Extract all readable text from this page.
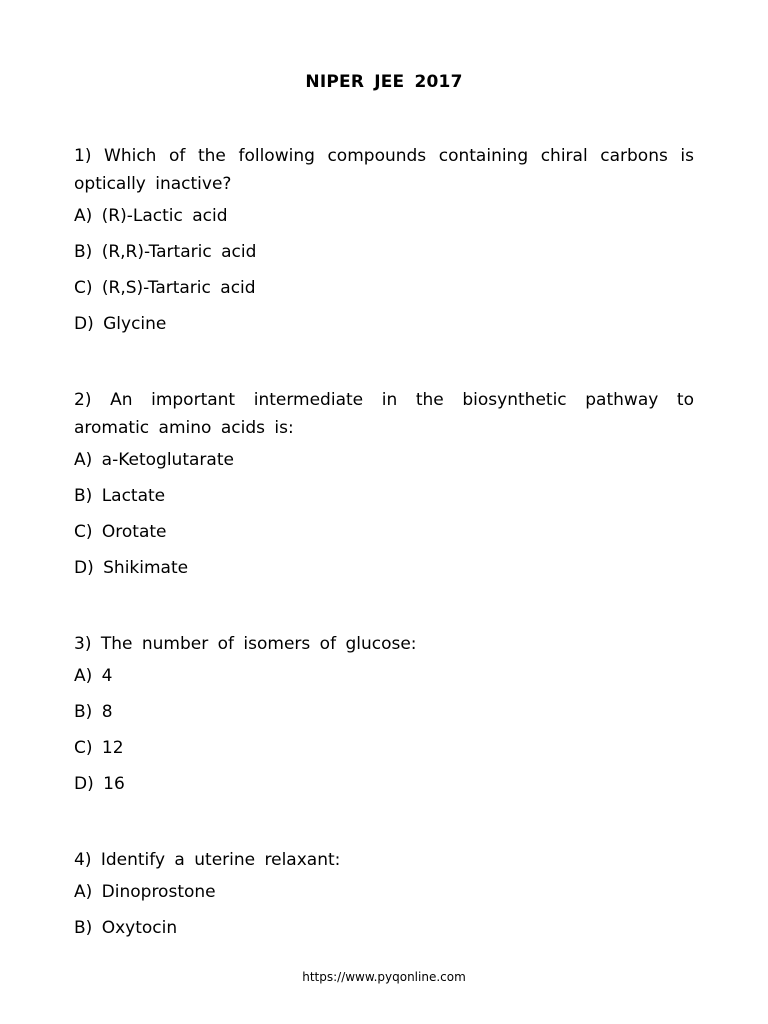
NIPER JEE 2017

1) Which of the following compounds containing chiral carbons is optically inactive?

A) (R)-Lactic acid
B) (R,R)-Tartaric acid
C) (R,S)-Tartaric acid
D) Glycine

2) An important intermediate in the biosynthetic pathway to aromatic amino acids is:

A) a-Ketoglutarate
B) Lactate
C) Orotate
D) Shikimate

3) The number of isomers of glucose:

A) 4
B) 8
C) 12
D) 16

4) Identify a uterine relaxant:

A) Dinoprostone
B) Oxytocin
https://www.pyqonline.com
